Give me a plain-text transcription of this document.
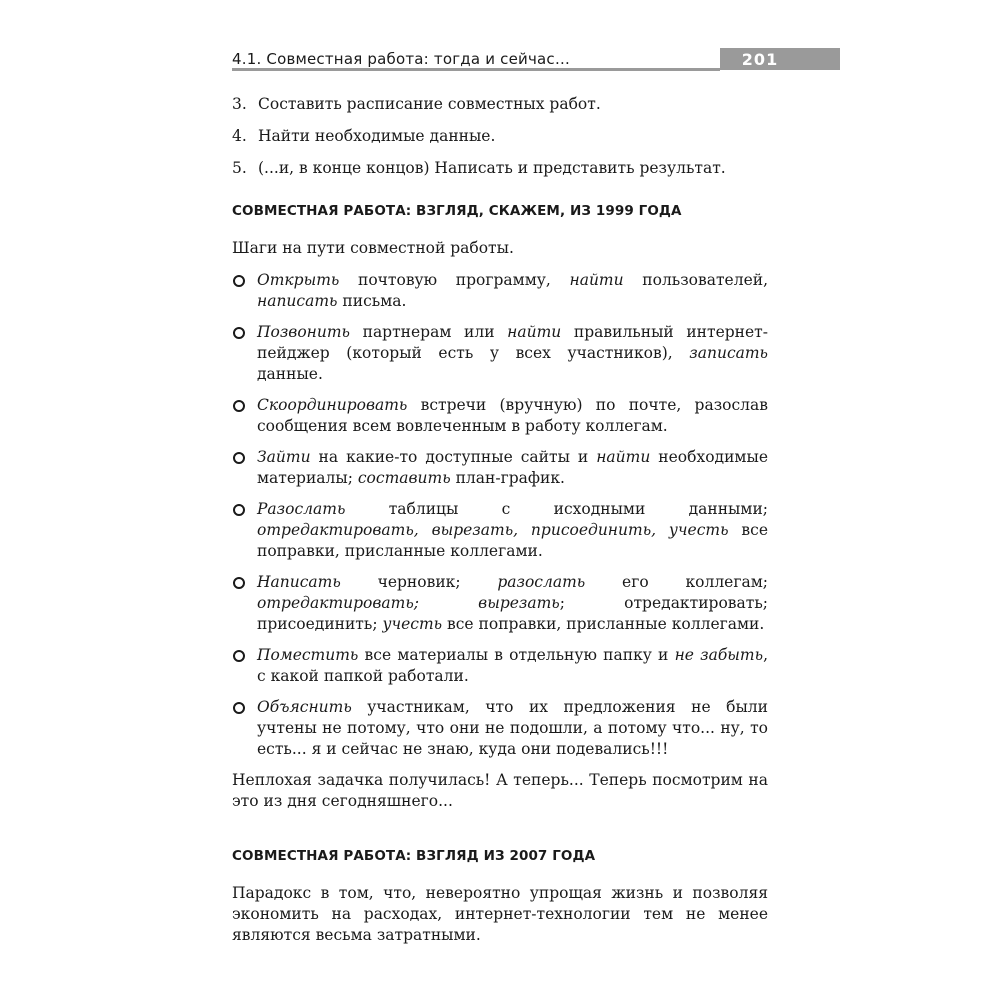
4.1. Совместная работа: тогда и сейчас…	201
3. Составить расписание совместных работ.
4. Найти необходимые данные.
5. (...и, в конце концов) Написать и представить результат.
СОВМЕСТНАЯ РАБОТА: ВЗГЛЯД, СКАЖЕМ, ИЗ 1999 ГОДА
Шаги на пути совместной работы.
Открыть почтовую программу, найти пользователей, написать письма.
Позвонить партнерам или найти правильный интернет-пейджер (который есть у всех участников), записать данные.
Скоординировать встречи (вручную) по почте, разослав сообщения всем вовлеченным в работу коллегам.
Зайти на какие-то доступные сайты и найти необходимые материалы; составить план-график.
Разослать таблицы с исходными данными; отредактировать, вырезать, присоединить, учесть все поправки, присланные коллегами.
Написать черновик; разослать его коллегам; отредактировать; вырезать; отредактировать; присоединить; учесть все поправки, присланные коллегами.
Поместить все материалы в отдельную папку и не забыть, с какой папкой работали.
Объяснить участникам, что их предложения не были учтены не потому, что они не подошли, а потому что... ну, то есть... я и сейчас не знаю, куда они подевались!!!
Неплохая задачка получилась! А теперь... Теперь посмотрим на это из дня сегодняшнего...
СОВМЕСТНАЯ РАБОТА: ВЗГЛЯД ИЗ 2007 ГОДА
Парадокс в том, что, невероятно упрощая жизнь и позволяя экономить на расходах, интернет-технологии тем не менее являются весьма затратными.
